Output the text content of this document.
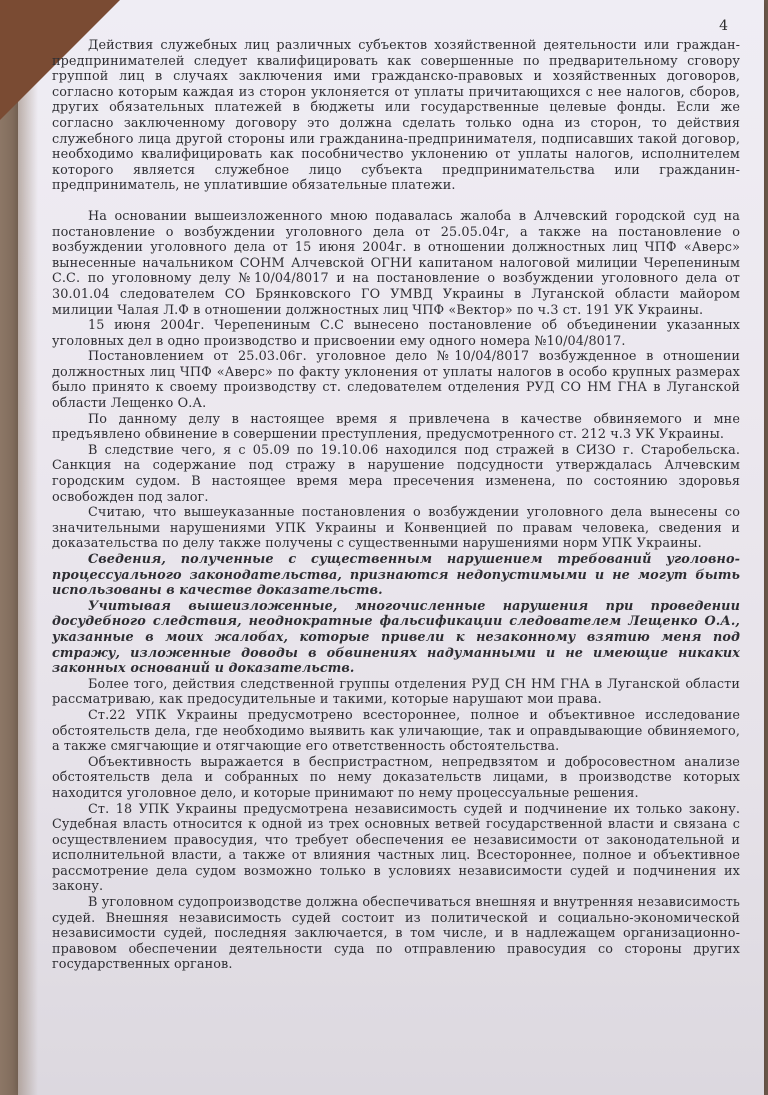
4

Действия служебных лиц различных субъектов хозяйственной деятельности или граждан-предпринимателей следует квалифицировать как совершенные по предварительному сговору группой лиц в случаях заключения ими гражданско-правовых и хозяйственных договоров, согласно которым каждая из сторон уклоняется от уплаты причитающихся с нее налогов, сборов, других обязательных платежей в бюджеты или государственные целевые фонды. Если же согласно заключенному договору это должна сделать только одна из сторон, то действия служебного лица другой стороны или гражданина-предпринимателя, подписавших такой договор, необходимо квалифицировать как пособничество уклонению от уплаты налогов, исполнителем которого является служебное лицо субъекта предпринимательства или гражданин-предприниматель, не уплатившие обязательные платежи.

На основании вышеизложенного мною подавалась жалоба в Алчевский городской суд на постановление о возбуждении уголовного дела от 25.05.04г, а также на постановление о возбуждении уголовного дела от 15 июня 2004г. в отношении должностных лиц ЧПФ «Аверс» вынесенные начальником СОНМ Алчевской ОГНИ капитаном налоговой милиции Черепениным С.С. по уголовному делу №10/04/8017 и на постановление о возбуждении уголовного дела от 30.01.04 следователем СО Брянковского ГО УМВД Украины в Луганской области майором милиции Чалая Л.Ф в отношении должностных лиц ЧПФ «Вектор» по ч.3 ст. 191 УК Украины.

15 июня 2004г. Черепениным С.С вынесено постановление об объединении указанных уголовных дел в одно производство и присвоении ему одного номера №10/04/8017.

Постановлением от 25.03.06г. уголовное дело №10/04/8017 возбужденное в отношении должностных лиц ЧПФ «Аверс» по факту уклонения от уплаты налогов в особо крупных размерах было принято к своему производству ст. следователем отделения РУД СО НМ ГНА в Луганской области Лещенко О.А.

По данному делу в настоящее время я привлечена в качестве обвиняемого и мне предъявлено обвинение в совершении преступления, предусмотренного ст. 212 ч.3 УК Украины.

В следствие чего, я с 05.09 по 19.10.06 находился под стражей в СИЗО г. Старобельска. Санкция на содержание под стражу в нарушение подсудности утверждалась Алчевским городским судом. В настоящее время мера пресечения изменена, по состоянию здоровья освобожден под залог.

Считаю, что вышеуказанные постановления о возбуждении уголовного дела вынесены со значительными нарушениями УПК Украины и Конвенцией по правам человека, сведения и доказательства по делу также получены с существенными нарушениями норм УПК Украины.

Сведения, полученные с существенным нарушением требований уголовно-процессуального законодательства, признаются недопустимыми и не могут быть использованы в качестве доказательств.

Учитывая вышеизложенные, многочисленные нарушения при проведении досудебного следствия, неоднократные фальсификации следователем Лещенко О.А., указанные в моих жалобах, которые привели к незаконному взятию меня под стражу, изложенные доводы в обвинениях надуманными и не имеющие никаких законных оснований и доказательств.

Более того, действия следственной группы отделения РУД СН НМ ГНА в Луганской области рассматриваю, как предосудительные и такими, которые нарушают мои права.

Ст.22 УПК Украины предусмотрено всестороннее, полное и объективное исследование обстоятельств дела, где необходимо выявить как уличающие, так и оправдывающие обвиняемого, а также смягчающие и отягчающие его ответственность обстоятельства.

Объективность выражается в беспристрастном, непредвзятом и добросовестном анализе обстоятельств дела и собранных по нему доказательств лицами, в производстве которых находится уголовное дело, и которые принимают по нему процессуальные решения.

Ст. 18 УПК Украины предусмотрена независимость судей и подчинение их только закону. Судебная власть относится к одной из трех основных ветвей государственной власти и связана с осуществлением правосудия, что требует обеспечения ее независимости от законодательной и исполнительной власти, а также от влияния частных лиц. Всестороннее, полное и объективное рассмотрение дела судом возможно только в условиях независимости судей и подчинения их закону.

В уголовном судопроизводстве должна обеспечиваться внешняя и внутренняя независимость судей. Внешняя независимость судей состоит из политической и социально-экономической независимости судей, последняя заключается, в том числе, и в надлежащем организационно-правовом обеспечении деятельности суда по отправлению правосудия со стороны других государственных органов.
